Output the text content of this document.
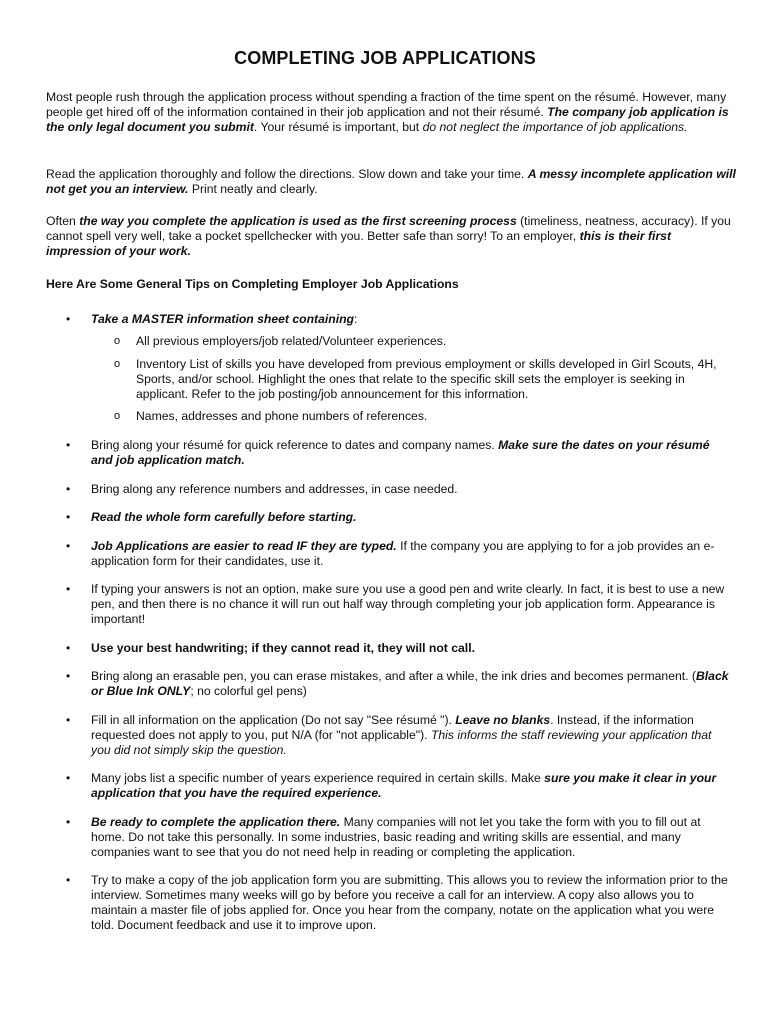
COMPLETING JOB APPLICATIONS
Most people rush through the application process without spending a fraction of the time spent on the résumé. However, many people get hired off of the information contained in their job application and not their résumé. The company job application is the only legal document you submit. Your résumé is important, but do not neglect the importance of job applications.
Read the application thoroughly and follow the directions. Slow down and take your time. A messy incomplete application will not get you an interview. Print neatly and clearly.
Often the way you complete the application is used as the first screening process (timeliness, neatness, accuracy). If you cannot spell very well, take a pocket spellchecker with you. Better safe than sorry! To an employer, this is their first impression of your work.
Here Are Some General Tips on Completing Employer Job Applications
• Take a MASTER information sheet containing:
o All previous employers/job related/Volunteer experiences.
o Inventory List of skills you have developed from previous employment or skills developed in Girl Scouts, 4H, Sports, and/or school. Highlight the ones that relate to the specific skill sets the employer is seeking in applicant. Refer to the job posting/job announcement for this information.
o Names, addresses and phone numbers of references.
• Bring along your résumé for quick reference to dates and company names. Make sure the dates on your résumé and job application match.
• Bring along any reference numbers and addresses, in case needed.
• Read the whole form carefully before starting.
• Job Applications are easier to read IF they are typed. If the company you are applying to for a job provides an e-application form for their candidates, use it.
• If typing your answers is not an option, make sure you use a good pen and write clearly. In fact, it is best to use a new pen, and then there is no chance it will run out half way through completing your job application form. Appearance is important!
• Use your best handwriting; if they cannot read it, they will not call.
• Bring along an erasable pen, you can erase mistakes, and after a while, the ink dries and becomes permanent. (Black or Blue Ink ONLY; no colorful gel pens)
• Fill in all information on the application (Do not say "See résumé "). Leave no blanks. Instead, if the information requested does not apply to you, put N/A (for "not applicable"). This informs the staff reviewing your application that you did not simply skip the question.
• Many jobs list a specific number of years experience required in certain skills. Make sure you make it clear in your application that you have the required experience.
• Be ready to complete the application there. Many companies will not let you take the form with you to fill out at home. Do not take this personally. In some industries, basic reading and writing skills are essential, and many companies want to see that you do not need help in reading or completing the application.
• Try to make a copy of the job application form you are submitting. This allows you to review the information prior to the interview. Sometimes many weeks will go by before you receive a call for an interview. A copy also allows you to maintain a master file of jobs applied for. Once you hear from the company, notate on the application what you were told. Document feedback and use it to improve upon.
